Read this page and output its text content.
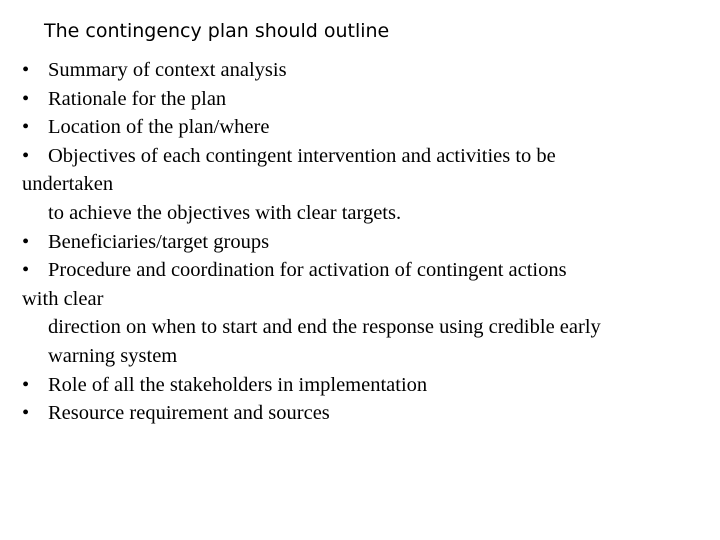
The contingency plan should outline
• Summary of context analysis
• Rationale for the plan
• Location of the plan/where
• Objectives of each contingent intervention and activities to be
undertaken
to achieve the objectives with clear targets.
• Beneficiaries/target groups
• Procedure and coordination for activation of contingent actions
with clear
direction on when to start and end the response using credible early
warning system
• Role of all the stakeholders in implementation
• Resource requirement and sources
